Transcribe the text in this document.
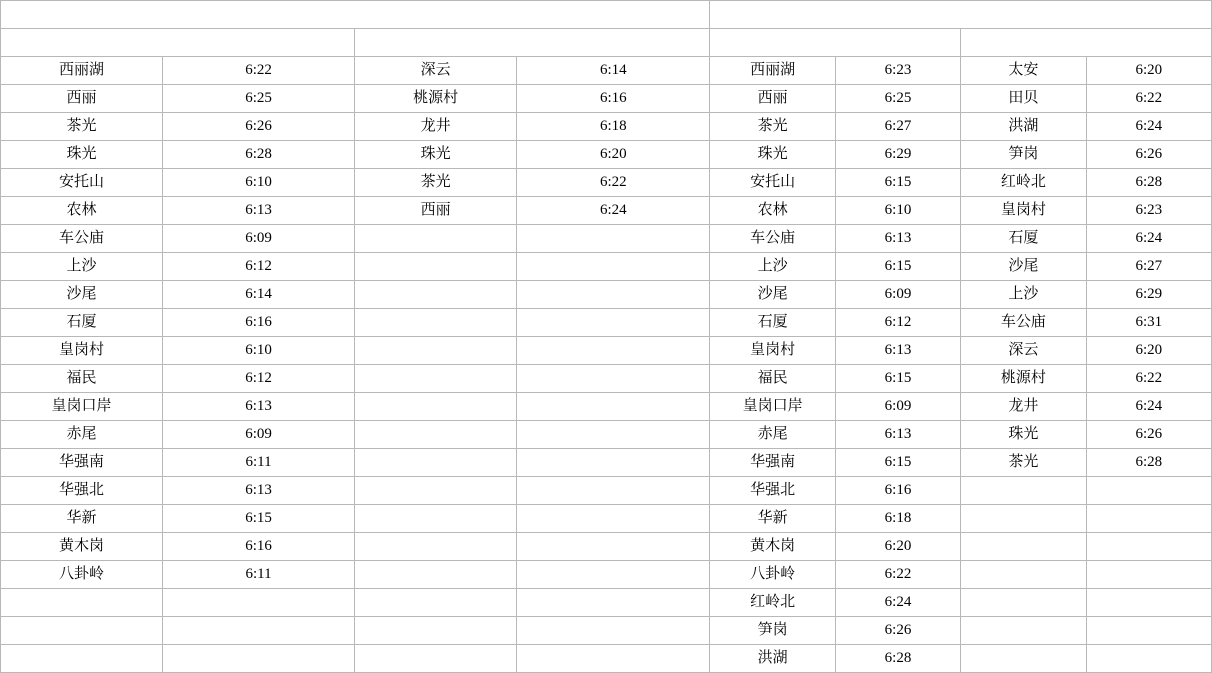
西丽湖	6:22	深云	6:14	西丽湖	6:23	太安	6:20
西丽	6:25	桃源村	6:16	西丽	6:25	田贝	6:22
茶光	6:26	龙井	6:18	茶光	6:27	洪湖	6:24
珠光	6:28	珠光	6:20	珠光	6:29	笋岗	6:26
安托山	6:10	茶光	6:22	安托山	6:15	红岭北	6:28
农林	6:13	西丽	6:24	农林	6:10	皇岗村	6:23
车公庙	6:09			车公庙	6:13	石厦	6:24
上沙	6:12			上沙	6:15	沙尾	6:27
沙尾	6:14			沙尾	6:09	上沙	6:29
石厦	6:16			石厦	6:12	车公庙	6:31
皇岗村	6:10			皇岗村	6:13	深云	6:20
福民	6:12			福民	6:15	桃源村	6:22
皇岗口岸	6:13			皇岗口岸	6:09	龙井	6:24
赤尾	6:09			赤尾	6:13	珠光	6:26
华强南	6:11			华强南	6:15	茶光	6:28
华强北	6:13			华强北	6:16		
华新	6:15			华新	6:18		
黄木岗	6:16			黄木岗	6:20		
八卦岭	6:11			八卦岭	6:22		
				红岭北	6:24		
				笋岗	6:26		
				洪湖	6:28		
